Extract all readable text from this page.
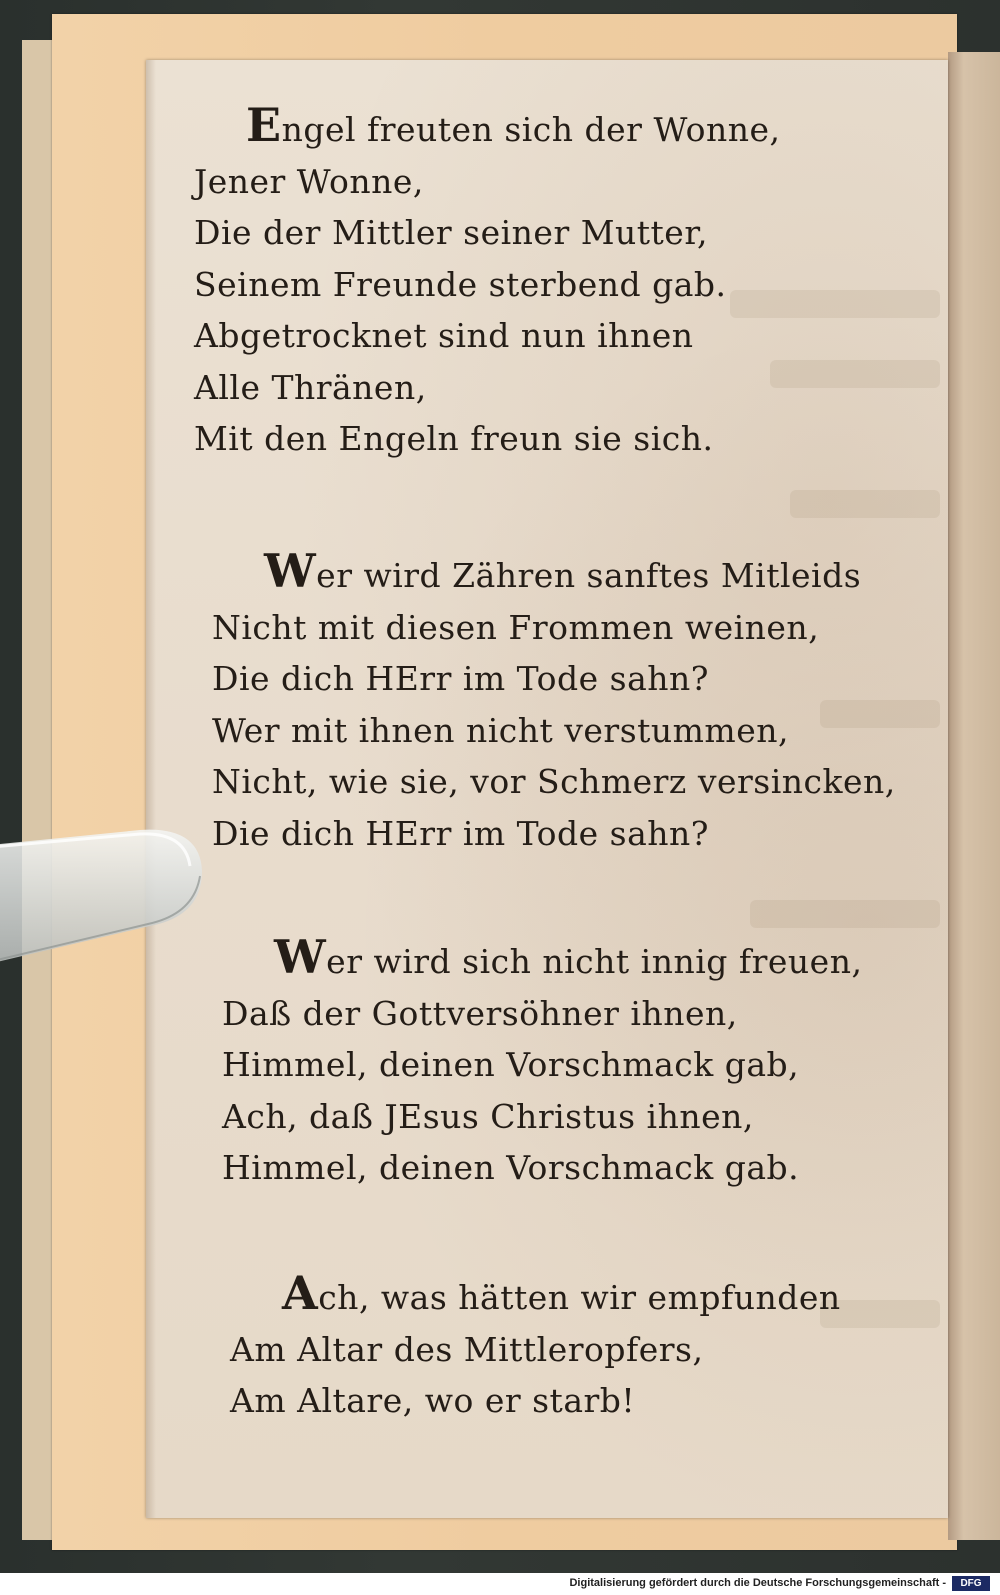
Engel freuten sich der Wonne,
Jener Wonne,
Die der Mittler seiner Mutter,
Seinem Freunde sterbend gab.
Abgetrocknet sind nun ihnen
Alle Thränen,
Mit den Engeln freun sie sich.
Wer wird Zähren sanftes Mitleids
Nicht mit diesen Frommen weinen,
Die dich HErr im Tode sahn?
Wer mit ihnen nicht verstummen,
Nicht, wie sie, vor Schmerz versincken,
Die dich HErr im Tode sahn?
Wer wird sich nicht innig freuen,
Daß der Gottversöhner ihnen,
Himmel, deinen Vorschmack gab,
Ach, daß JEsus Christus ihnen,
Himmel, deinen Vorschmack gab.
Ach, was hätten wir empfunden
Am Altar des Mittleropfers,
Am Altare, wo er starb!
Digitalisierung gefördert durch die Deutsche Forschungsgemeinschaft -	DFG
